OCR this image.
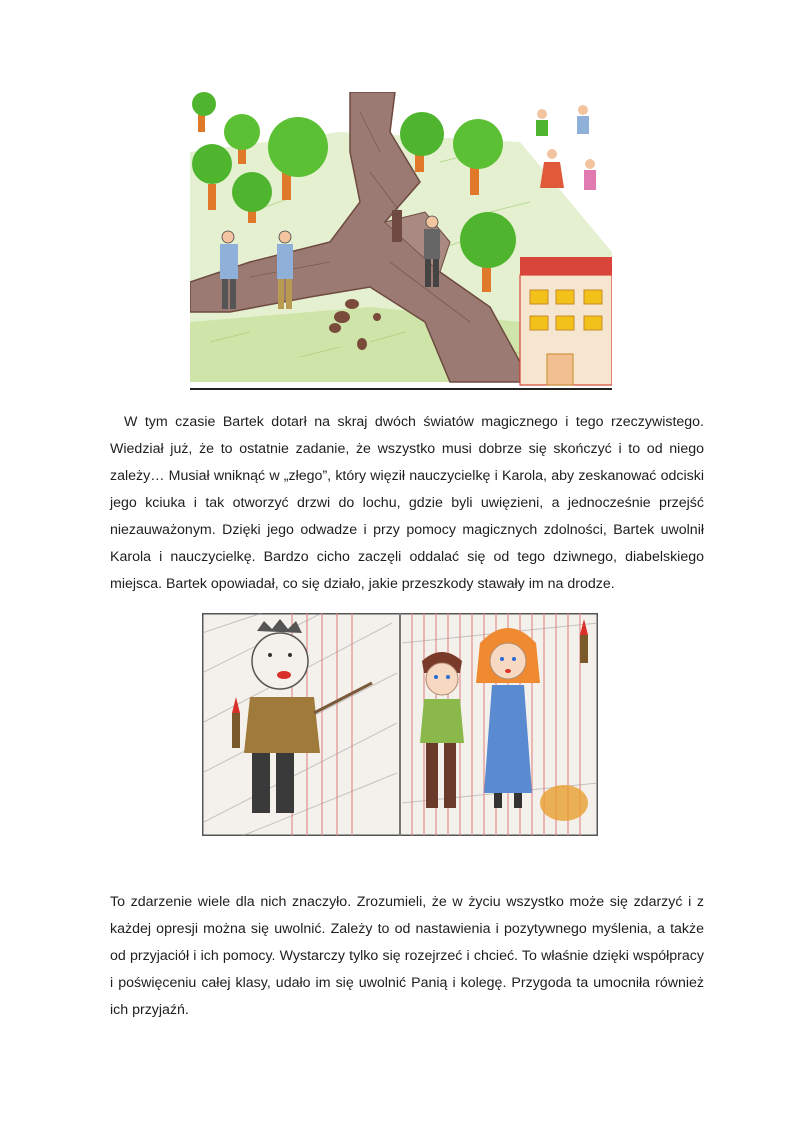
W tym czasie Bartek dotarł na skraj dwóch światów magicznego i tego rzeczywistego. Wiedział już, że to ostatnie zadanie, że wszystko musi dobrze się skończyć i to od niego zależy… Musiał wniknąć w „złego”, który więził nauczycielkę i Karola, aby zeskanować odciski jego kciuka i tak otworzyć drzwi do lochu, gdzie byli uwięzieni, a jednocześnie przejść niezauważonym. Dzięki jego odwadze i przy pomocy magicznych zdolności, Bartek uwolnił Karola i nauczycielkę. Bardzo cicho zaczęli oddalać się od tego dziwnego, diabelskiego miejsca. Bartek opowiadał, co się działo, jakie przeszkody stawały im na drodze.

To zdarzenie wiele dla nich znaczyło. Zrozumieli, że w życiu wszystko może się zdarzyć i z każdej opresji można się uwolnić. Zależy to od nastawienia i pozytywnego myślenia, a także od przyjaciół i ich pomocy. Wystarczy tylko się rozejrzeć i chcieć. To właśnie dzięki współpracy i poświęceniu całej klasy, udało im się uwolnić Panią i kolegę. Przygoda ta umocniła również ich przyjaźń.
